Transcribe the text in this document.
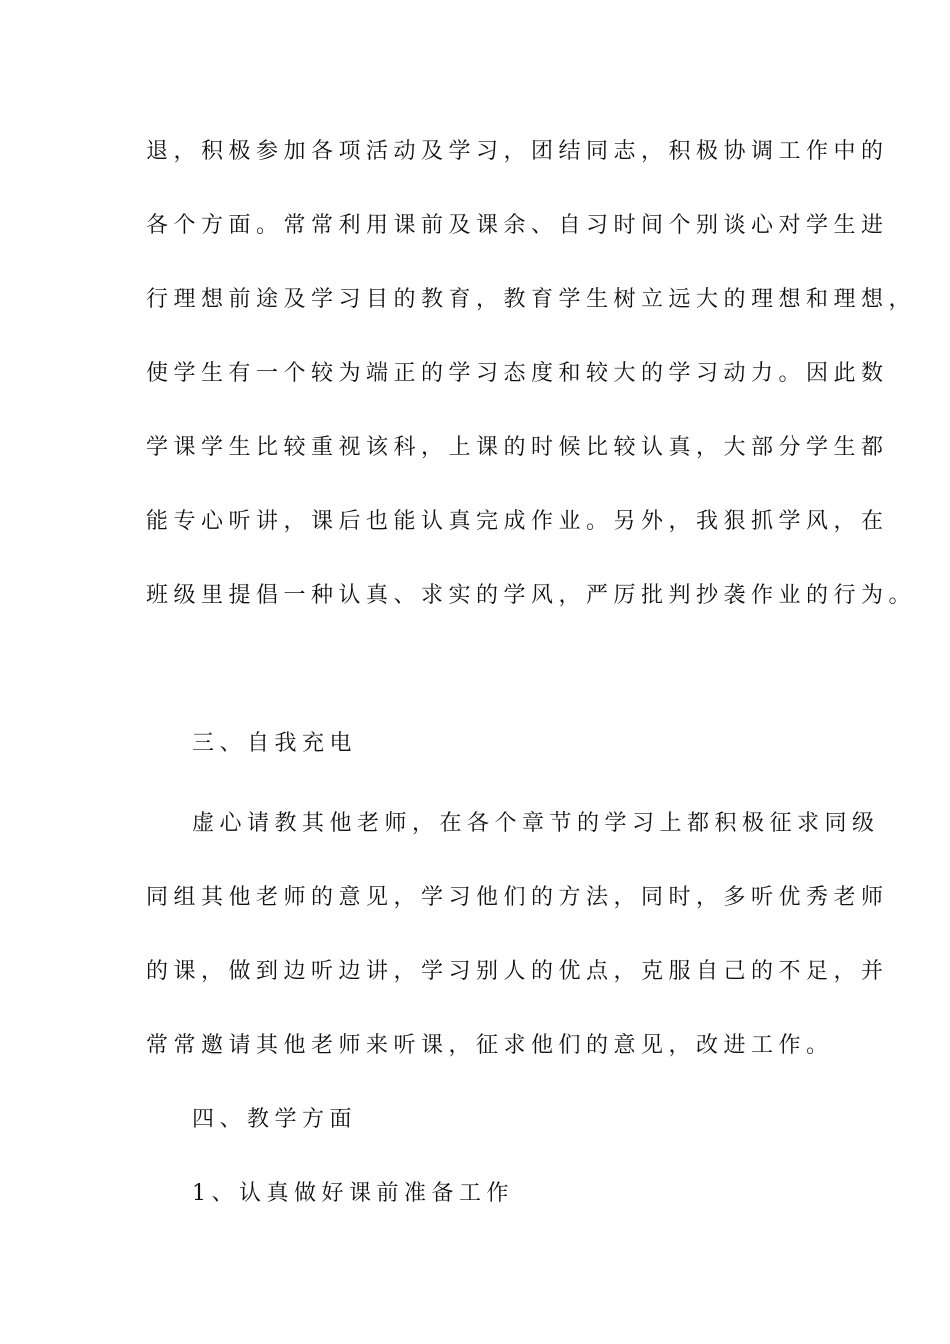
退，积极参加各项活动及学习，团结同志，积极协调工作中的
各个方面。常常利用课前及课余、自习时间个别谈心对学生进
行理想前途及学习目的教育，教育学生树立远大的理想和理想，
使学生有一个较为端正的学习态度和较大的学习动力。因此数
学课学生比较重视该科，上课的时候比较认真，大部分学生都
能专心听讲，课后也能认真完成作业。另外，我狠抓学风，在
班级里提倡一种认真、求实的学风，严厉批判抄袭作业的行为。
三、自我充电
虚心请教其他老师，在各个章节的学习上都积极征求同级
同组其他老师的意见，学习他们的方法，同时，多听优秀老师
的课，做到边听边讲，学习别人的优点，克服自己的不足，并
常常邀请其他老师来听课，征求他们的意见，改进工作。
四、教学方面
1、认真做好课前准备工作
